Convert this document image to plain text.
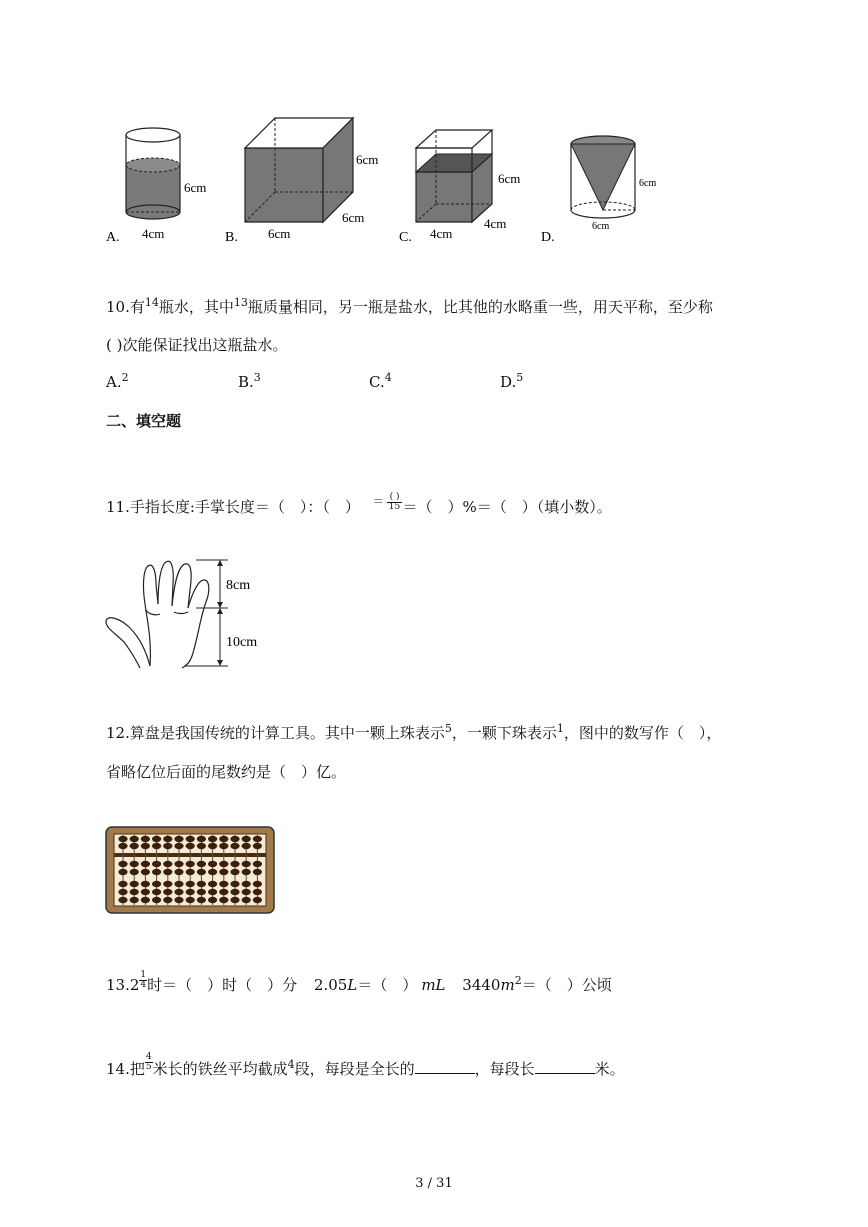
A. 4cm
6cm
B. 6cm
6cm
6cm
C. 4cm
4cm
6cm
D.
6cm
6cm
10.有$^{14}$瓶水，其中$^{13}$瓶质量相同，另一瓶是盐水，比其他的水略重一些，用天平称，至少称
( )次能保证找出这瓶盐水。
A.$^2$	B.$^3$	C.$^4$	D.$^5$
二、填空题
11.手指长度:手掌长度＝（　）：（　） ＝ ( )
15 ＝（　）%＝（　）（填小数）。
8cm
10cm
12.算盘是我国传统的计算工具。其中一颗上珠表示$^5$，一颗下珠表示$^1$，图中的数写作（　），
省略亿位后面的尾数约是（　）亿。
$13.2 \frac{1}{4}$ 时＝（　）时（　）分 2.05L＝（　） mL $3440m^2=$（　）公顷
14.把 $\frac{4}{5}$ 米长的铁丝平均截成$^4$段，每段是全长的	，每段长	米。
3 / 31
